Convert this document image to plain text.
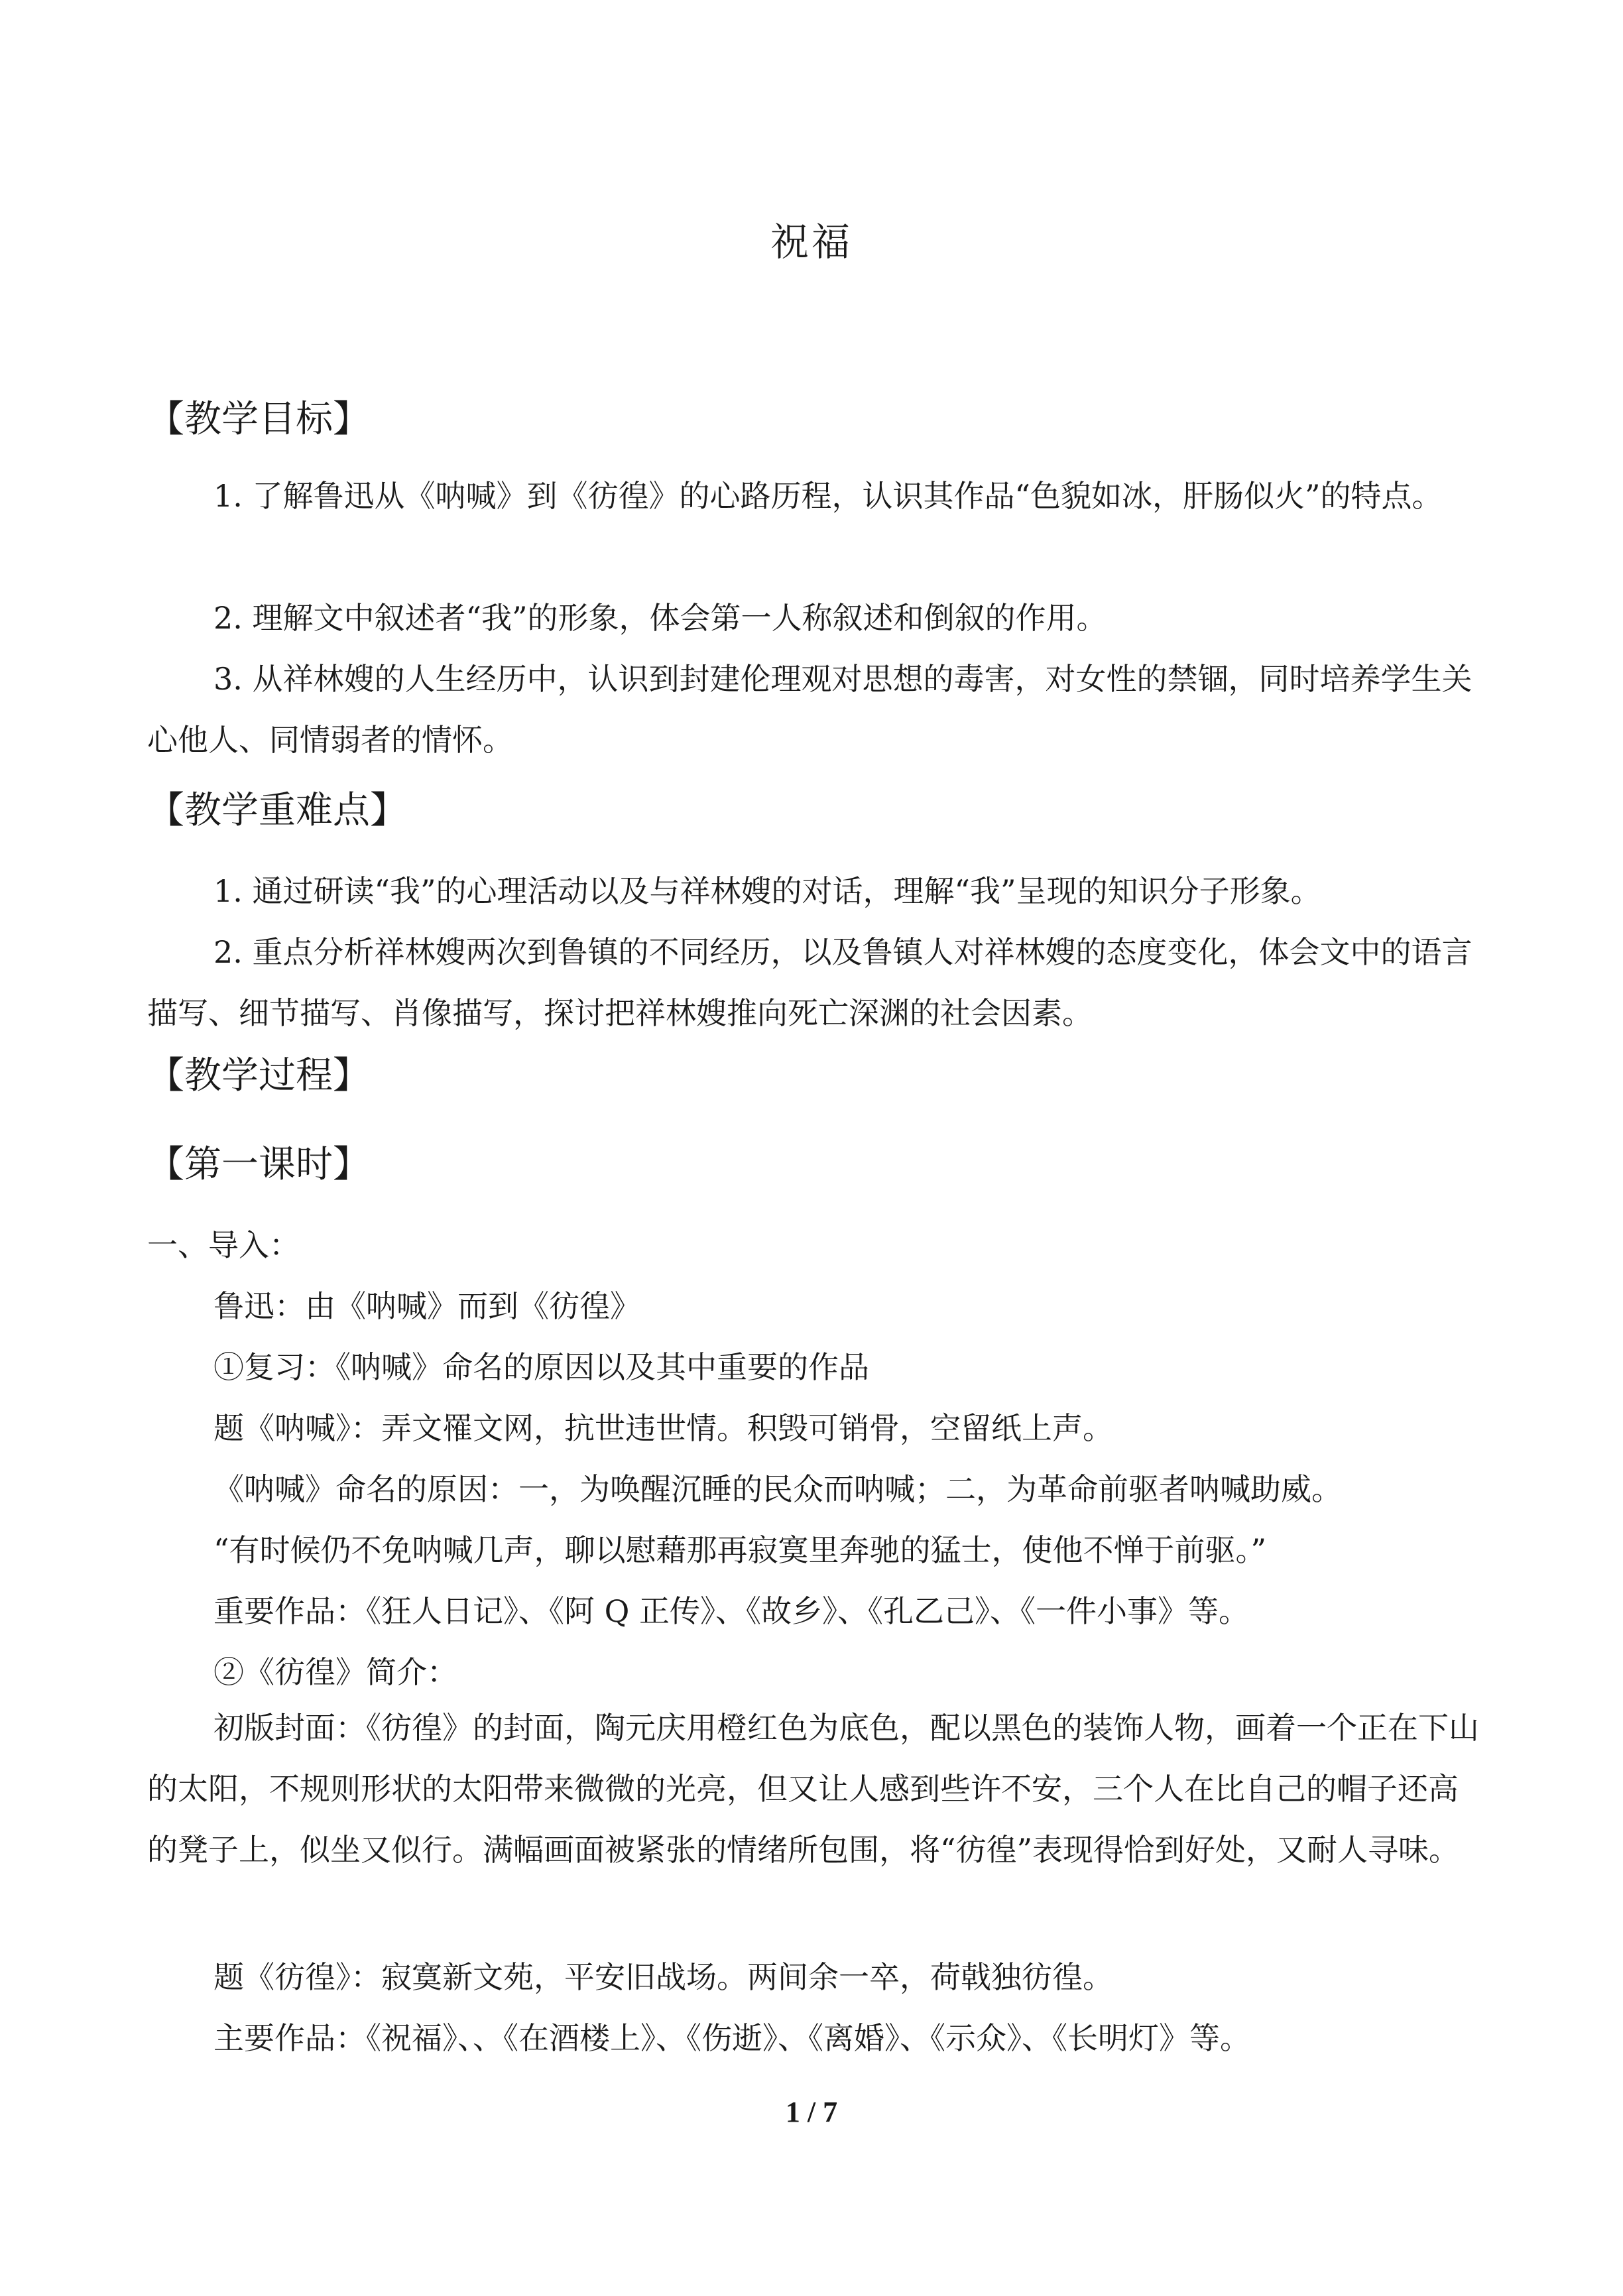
祝福
【教学目标】
1. 了解鲁迅从《呐喊》到《彷徨》的心路历程，认识其作品“色貌如冰，肝肠似火”的特点。
2. 理解文中叙述者“我”的形象，体会第一人称叙述和倒叙的作用。
3. 从祥林嫂的人生经历中，认识到封建伦理观对思想的毒害，对女性的禁锢，同时培养学生关心他人、同情弱者的情怀。
【教学重难点】
1. 通过研读“我”的心理活动以及与祥林嫂的对话，理解“我”呈现的知识分子形象。
2. 重点分析祥林嫂两次到鲁镇的不同经历，以及鲁镇人对祥林嫂的态度变化，体会文中的语言描写、细节描写、肖像描写，探讨把祥林嫂推向死亡深渊的社会因素。
【教学过程】
【第一课时】
一、导入：
鲁迅：由《呐喊》而到《彷徨》
①复习：《呐喊》命名的原因以及其中重要的作品
题《呐喊》：弄文罹文网，抗世违世情。积毁可销骨，空留纸上声。
《呐喊》命名的原因：一，为唤醒沉睡的民众而呐喊；二，为革命前驱者呐喊助威。
“有时候仍不免呐喊几声，聊以慰藉那再寂寞里奔驰的猛士，使他不惮于前驱。”
重要作品：《狂人日记》、《阿 Q 正传》、《故乡》、《孔乙己》、《一件小事》等。
②《彷徨》简介：
初版封面：《彷徨》的封面，陶元庆用橙红色为底色，配以黑色的装饰人物，画着一个正在下山的太阳，不规则形状的太阳带来微微的光亮，但又让人感到些许不安，三个人在比自己的帽子还高的凳子上，似坐又似行。满幅画面被紧张的情绪所包围，将“彷徨”表现得恰到好处，又耐人寻味。
题《彷徨》：寂寞新文苑，平安旧战场。两间余一卒，荷戟独彷徨。
主要作品：《祝福》、、《在酒楼上》、《伤逝》、《离婚》、《示众》、《长明灯》等。
1 / 7
